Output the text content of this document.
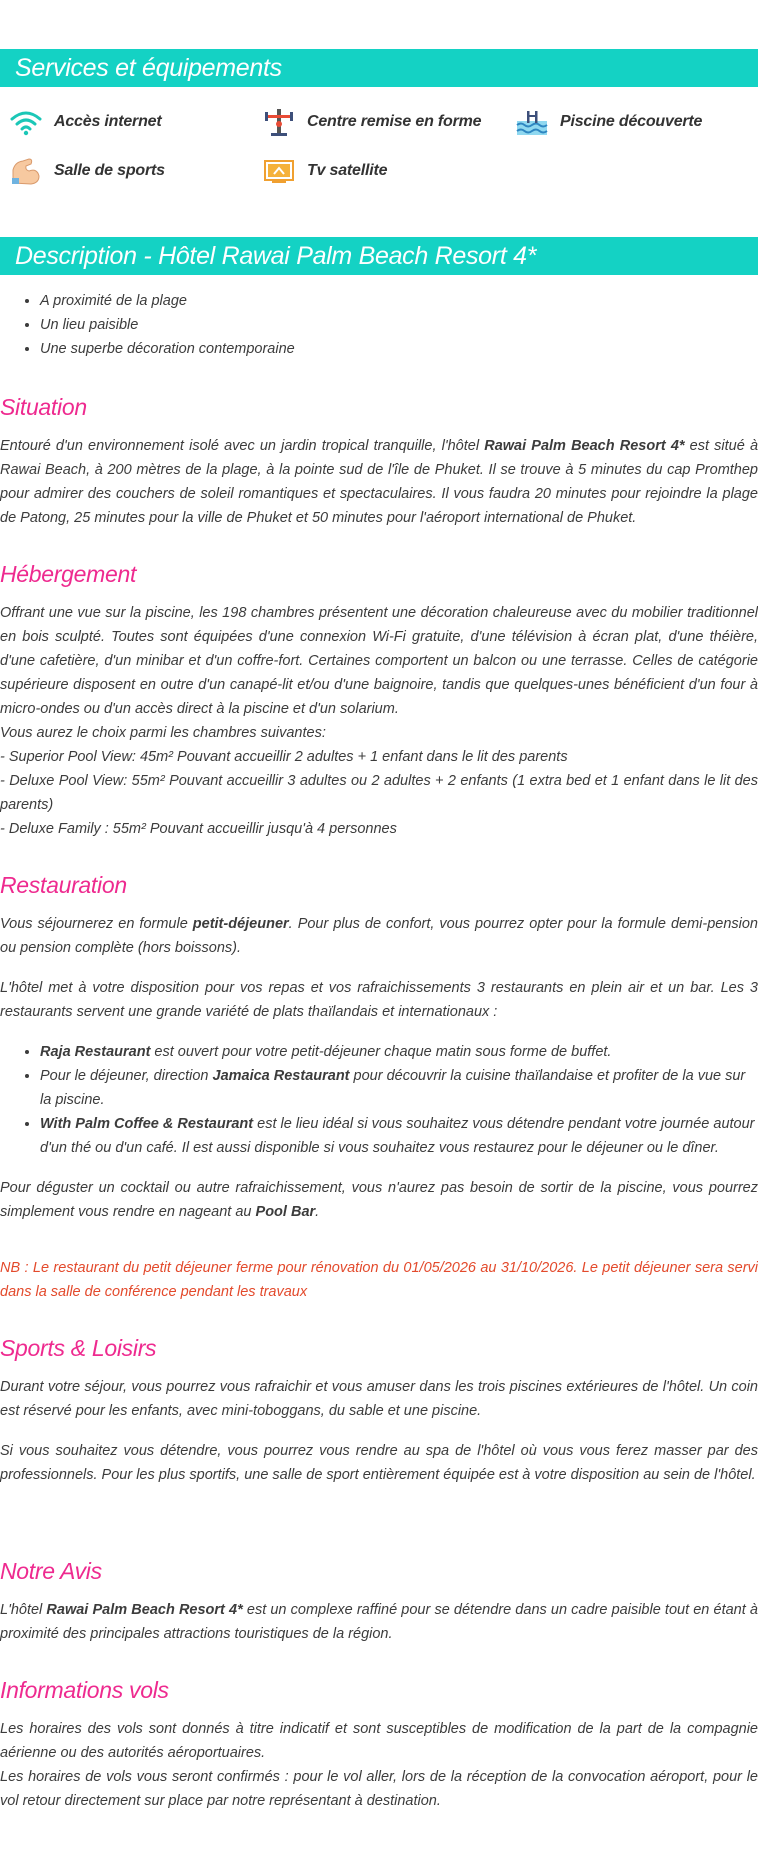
Services et équipements
Accès internet	Centre remise en forme	Piscine découverte
Salle de sports	Tv satellite
Description - Hôtel Rawai Palm Beach Resort 4*
• A proximité de la plage
• Un lieu paisible
• Une superbe décoration contemporaine
Situation

Entouré d'un environnement isolé avec un jardin tropical tranquille, l'hôtel Rawai Palm Beach Resort 4* est situé à Rawai Beach, à 200 mètres de la plage, à la pointe sud de l'île de Phuket. Il se trouve à 5 minutes du cap Promthep pour admirer des couchers de soleil romantiques et spectaculaires. Il vous faudra 20 minutes pour rejoindre la plage de Patong, 25 minutes pour la ville de Phuket et 50 minutes pour l'aéroport international de Phuket.

Hébergement

Offrant une vue sur la piscine, les 198 chambres présentent une décoration chaleureuse avec du mobilier traditionnel en bois sculpté. Toutes sont équipées d'une connexion Wi-Fi gratuite, d'une télévision à écran plat, d'une théière, d'une cafetière, d'un minibar et d'un coffre-fort. Certaines comportent un balcon ou une terrasse. Celles de catégorie supérieure disposent en outre d'un canapé-lit et/ou d'une baignoire, tandis que quelques-unes bénéficient d'un four à micro-ondes ou d'un accès direct à la piscine et d'un solarium.

Vous aurez le choix parmi les chambres suivantes:

- Superior Pool View: 45m² Pouvant accueillir 2 adultes + 1 enfant dans le lit des parents

- Deluxe Pool View: 55m² Pouvant accueillir 3 adultes ou 2 adultes + 2 enfants (1 extra bed et 1 enfant dans le lit des parents)

- Deluxe Family : 55m² Pouvant accueillir jusqu'à 4 personnes

Restauration

Vous séjournerez en formule petit-déjeuner. Pour plus de confort, vous pourrez opter pour la formule demi-pension ou pension complète (hors boissons).

L'hôtel met à votre disposition pour vos repas et vos rafraichissements 3 restaurants en plein air et un bar. Les 3 restaurants servent une grande variété de plats thaïlandais et internationaux :

• Raja Restaurant est ouvert pour votre petit-déjeuner chaque matin sous forme de buffet.
• Pour le déjeuner, direction Jamaica Restaurant pour découvrir la cuisine thaïlandaise et profiter de la vue sur la piscine.
• With Palm Coffee & Restaurant est le lieu idéal si vous souhaitez vous détendre pendant votre journée autour d'un thé ou d'un café. Il est aussi disponible si vous souhaitez vous restaurez pour le déjeuner ou le dîner.

Pour déguster un cocktail ou autre rafraichissement, vous n'aurez pas besoin de sortir de la piscine, vous pourrez simplement vous rendre en nageant au Pool Bar.

NB : Le restaurant du petit déjeuner ferme pour rénovation du 01/05/2026 au 31/10/2026. Le petit déjeuner sera servi dans la salle de conférence pendant les travaux

Sports & Loisirs

Durant votre séjour, vous pourrez vous rafraichir et vous amuser dans les trois piscines extérieures de l'hôtel. Un coin est réservé pour les enfants, avec mini-toboggans, du sable et une piscine.

Si vous souhaitez vous détendre, vous pourrez vous rendre au spa de l'hôtel où vous vous ferez masser par des professionnels. Pour les plus sportifs, une salle de sport entièrement équipée est à votre disposition au sein de l'hôtel.

Notre Avis

L'hôtel Rawai Palm Beach Resort 4* est un complexe raffiné pour se détendre dans un cadre paisible tout en étant à proximité des principales attractions touristiques de la région.

Informations vols

Les horaires des vols sont donnés à titre indicatif et sont susceptibles de modification de la part de la compagnie aérienne ou des autorités aéroportuaires.

Les horaires de vols vous seront confirmés : pour le vol aller, lors de la réception de la convocation aéroport, pour le vol retour directement sur place par notre représentant à destination.
